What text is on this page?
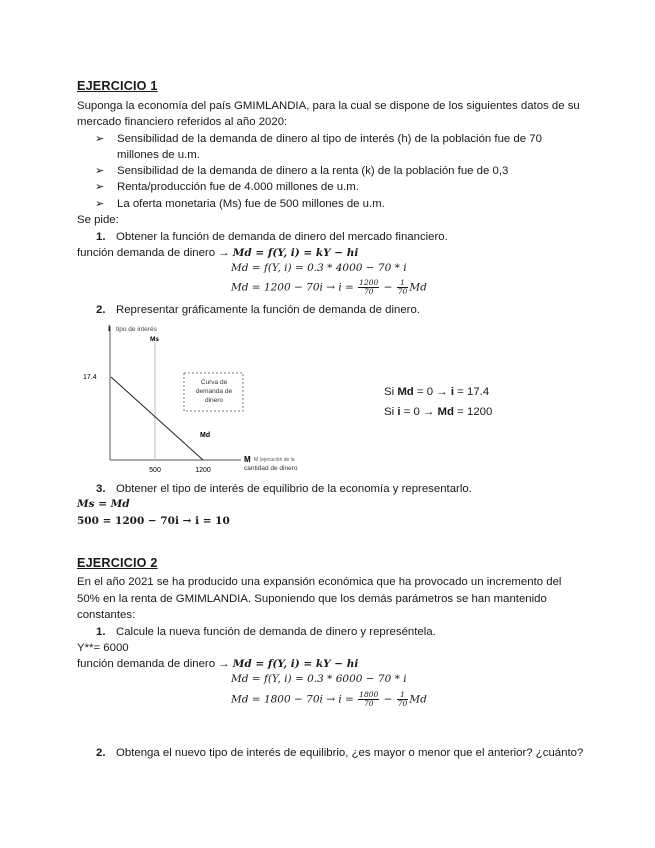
EJERCICIO 1
Suponga la economía del país GMIMLANDIA, para la cual se dispone de los siguientes datos de su
mercado financiero referidos al año 2020:
➢ Sensibilidad de la demanda de dinero al tipo de interés (h) de la población fue de 70
millones de u.m.
➢ Sensibilidad de la demanda de dinero a la renta (k) de la población fue de 0,3
➢ Renta/producción fue de 4.000 millones de u.m.
➢ La oferta monetaria (Ms) fue de 500 millones de u.m.
Se pide:
1. Obtener la función de demanda de dinero del mercado financiero.
función demanda de dinero → Md = f(Y, i) = kY − hi
Md = f(Y, i) = 0.3 * 4000 − 70 * i
$Md = 1200 - 70i \to i = \frac{1200}{70} - \frac{1}{70}$ Md
2. Representar gráficamente la función de demanda de dinero.
i tipo de interés
Ms
17.4
Curva de
demanda de
dinero
Md
M M (ejecución de la
cantidad de dinero
500	1200
Si Md = 0 → i = 17.4
Si i = 0 → Md = 1200
3. Obtener el tipo de interés de equilibrio de la economía y representarlo.
Ms = Md
500 = 1200 − 70i → i = 10
EJERCICIO 2
En el año 2021 se ha producido una expansión económica que ha provocado un incremento del
50% en la renta de GMIMLANDIA. Suponiendo que los demás parámetros se han mantenido
constantes:
1. Calcule la nueva función de demanda de dinero y represéntela.
Y**= 6000
función demanda de dinero → Md = f(Y, i) = kY − hi
Md = f(Y, i) = 0.3 * 6000 − 70 * i
$Md = 1800 - 70i \to i = \frac{1800}{70} - \frac{1}{70}$ Md
2. Obtenga el nuevo tipo de interés de equilibrio, ¿es mayor o menor que el anterior? ¿cuánto?
